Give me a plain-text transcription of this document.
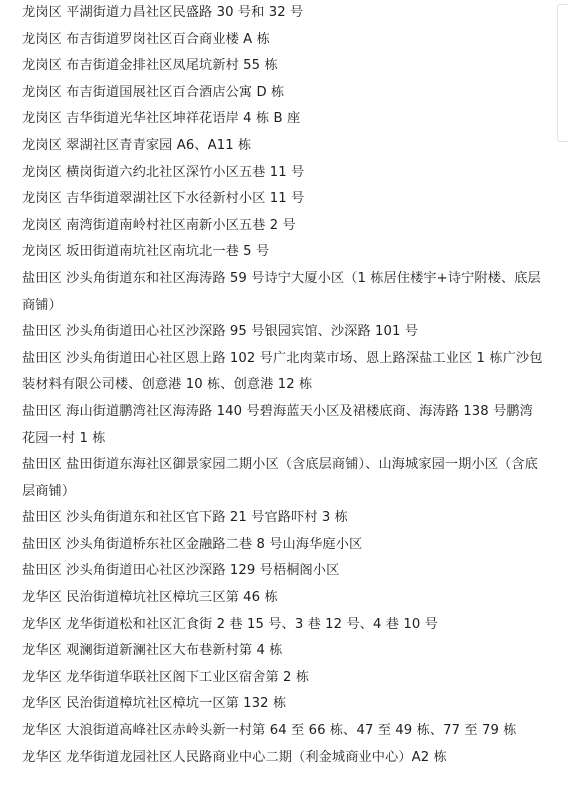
龙岗区 平湖街道力昌社区民盛路 30 号和 32 号
龙岗区 布吉街道罗岗社区百合商业楼 A 栋
龙岗区 布吉街道金排社区凤尾坑新村 55 栋
龙岗区 布吉街道国展社区百合酒店公寓 D 栋
龙岗区 吉华街道光华社区坤祥花语岸 4 栋 B 座
龙岗区 翠湖社区青青家园 A6、A11 栋
龙岗区 横岗街道六约北社区深竹小区五巷 11 号
龙岗区 吉华街道翠湖社区下水径新村小区 11 号
龙岗区 南湾街道南岭村社区南新小区五巷 2 号
龙岗区 坂田街道南坑社区南坑北一巷 5 号
盐田区 沙头角街道东和社区海涛路 59 号诗宁大厦小区（1 栋居住楼宇+诗宁附楼、底层商铺）
盐田区 沙头角街道田心社区沙深路 95 号银园宾馆、沙深路 101 号
盐田区 沙头角街道田心社区恩上路 102 号广北肉菜市场、恩上路深盐工业区 1 栋广沙包装材料有限公司楼、创意港 10 栋、创意港 12 栋
盐田区 海山街道鹏湾社区海涛路 140 号碧海蓝天小区及裙楼底商、海涛路 138 号鹏湾花园一村 1 栋
盐田区 盐田街道东海社区御景家园二期小区（含底层商铺）、山海城家园一期小区（含底层商铺）
盐田区 沙头角街道东和社区官下路 21 号官路吓村 3 栋
盐田区 沙头角街道桥东社区金融路二巷 8 号山海华庭小区
盐田区 沙头角街道田心社区沙深路 129 号梧桐阁小区
龙华区 民治街道樟坑社区樟坑三区第 46 栋
龙华区 龙华街道松和社区汇食街 2 巷 15 号、3 巷 12 号、4 巷 10 号
龙华区 观澜街道新澜社区大布巷新村第 4 栋
龙华区 龙华街道华联社区阁下工业区宿舍第 2 栋
龙华区 民治街道樟坑社区樟坑一区第 132 栋
龙华区 大浪街道高峰社区赤岭头新一村第 64 至 66 栋、47 至 49 栋、77 至 79 栋
龙华区 龙华街道龙园社区人民路商业中心二期（利金城商业中心）A2 栋
